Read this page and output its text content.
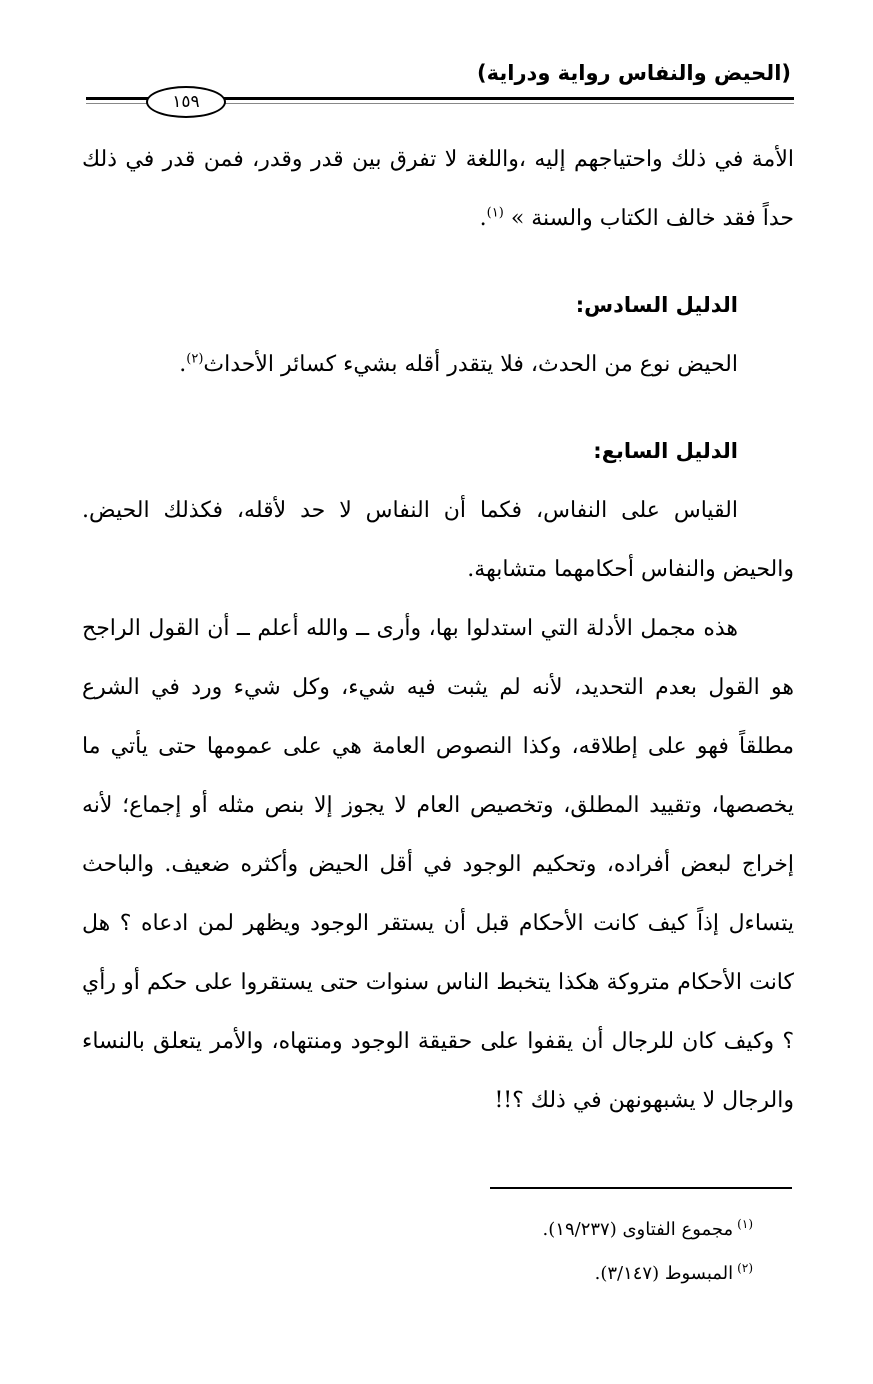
(الحيض والنفاس رواية ودراية)
١٥٩

الأمة في ذلك واحتياجهم إليه ،واللغة لا تفرق بين قدر وقدر، فمن قدر في ذلك حداً فقد خالف الكتاب والسنة » $^{(١)}$.

الدليل السادس:

الحيض نوع من الحدث، فلا يتقدر أقله بشيء كسائر الأحداث$^{(٢)}$.

الدليل السابع:

القياس على النفاس، فكما أن النفاس لا حد لأقله، فكذلك الحيض. والحيض والنفاس أحكامهما متشابهة.

هذه مجمل الأدلة التي استدلوا بها، وأرى ــ والله أعلم ــ أن القول الراجح هو القول بعدم التحديد، لأنه لم يثبت فيه شيء، وكل شيء ورد في الشرع مطلقاً فهو على إطلاقه، وكذا النصوص العامة هي على عمومها حتى يأتي ما يخصصها، وتقييد المطلق، وتخصيص العام لا يجوز إلا بنص مثله أو إجماع؛ لأنه إخراج لبعض أفراده، وتحكيم الوجود في أقل الحيض وأكثره ضعيف. والباحث يتساءل إذاً كيف كانت الأحكام قبل أن يستقر الوجود ويظهر لمن ادعاه ؟ هل كانت الأحكام متروكة هكذا يتخبط الناس سنوات حتى يستقروا على حكم أو رأي ؟ وكيف كان للرجال أن يقفوا على حقيقة الوجود ومنتهاه، والأمر يتعلق بالنساء والرجال لا يشبهونهن في ذلك ؟!!

$^{(١)}$مجموع الفتاوى (١٩/٢٣٧).

$^{(٢)}$المبسوط (٣/١٤٧).
